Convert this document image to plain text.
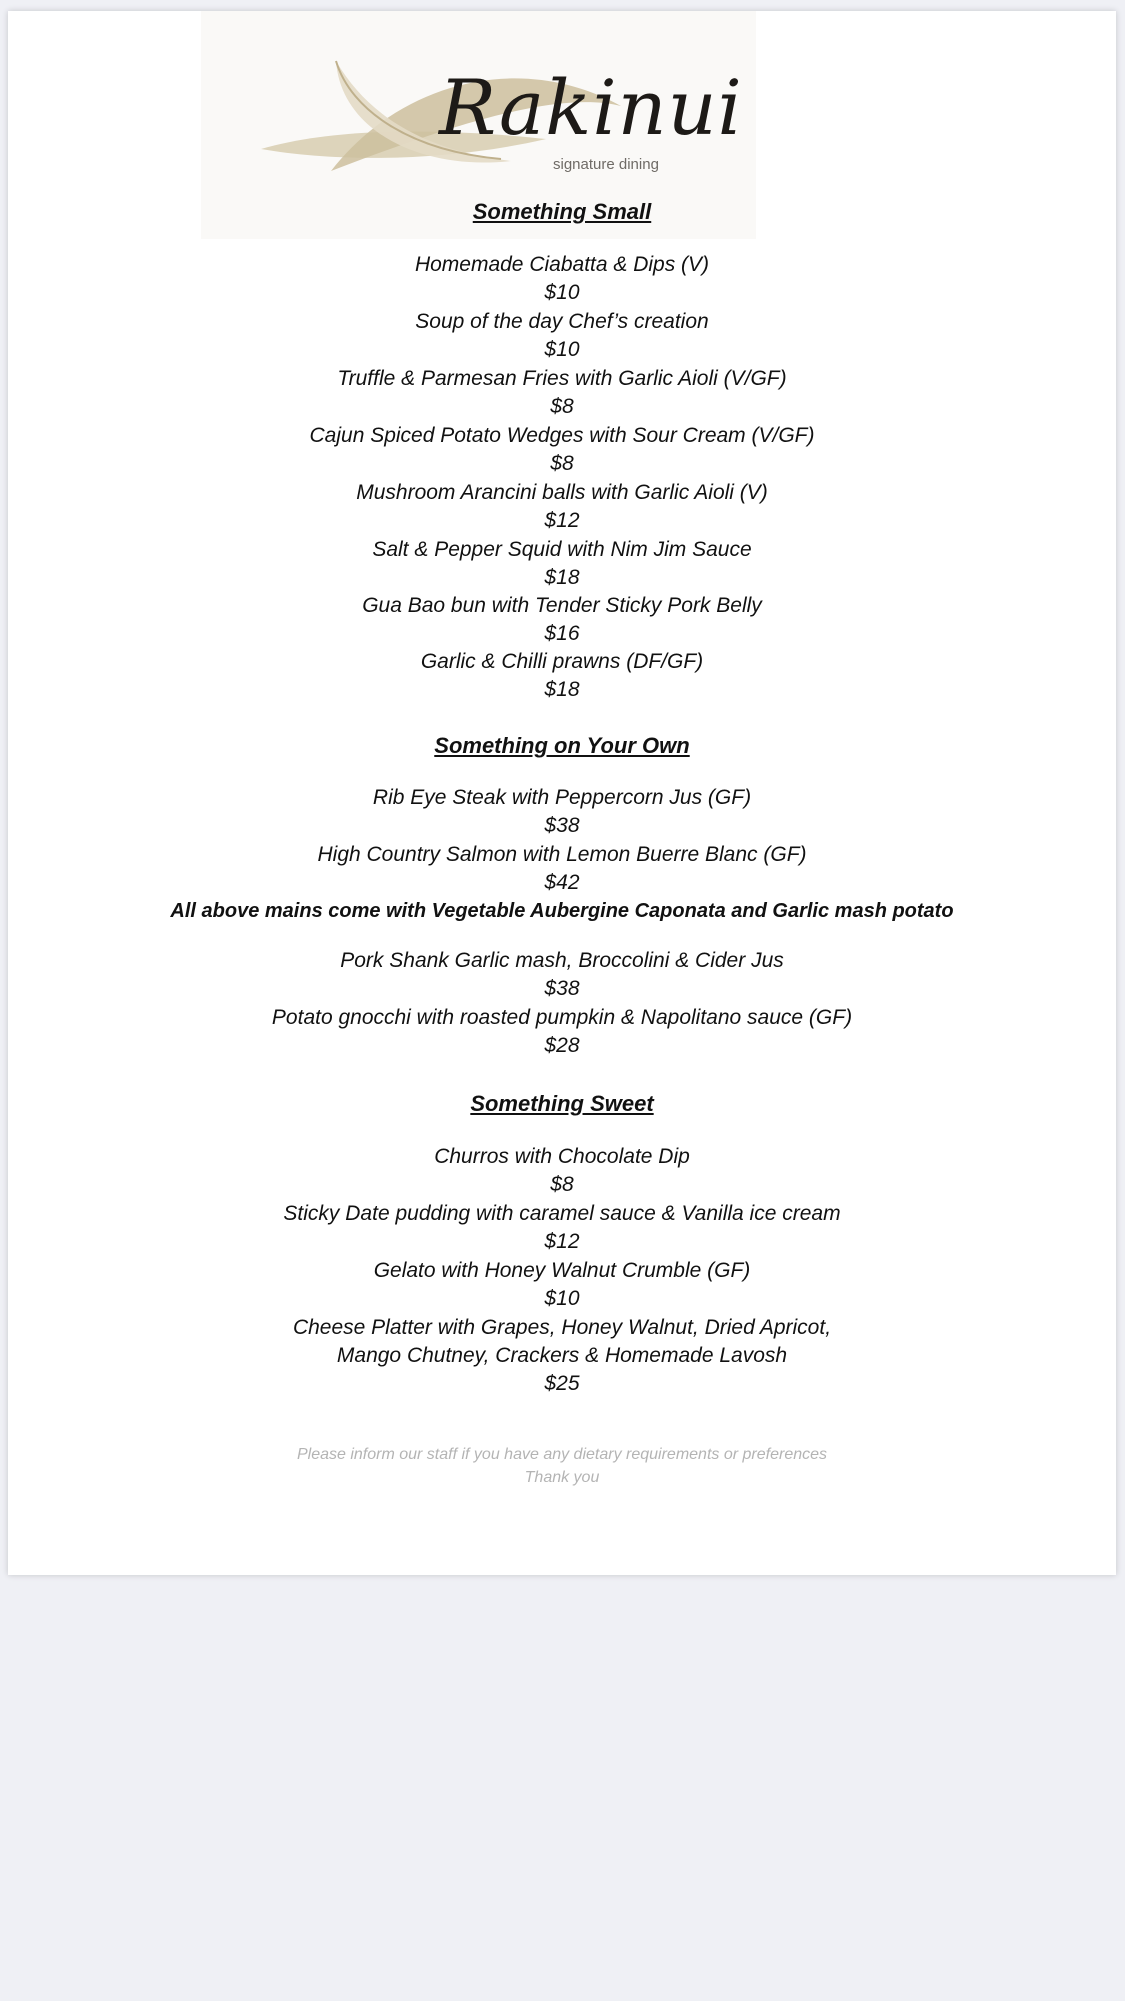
Rakinui
signature dining
Something Small
Homemade Ciabatta & Dips (V)
$10
Soup of the day Chef’s creation
$10
Truffle & Parmesan Fries with Garlic Aioli (V/GF)
$8
Cajun Spiced Potato Wedges with Sour Cream (V/GF)
$8
Mushroom Arancini balls with Garlic Aioli (V)
$12
Salt & Pepper Squid with Nim Jim Sauce
$18
Gua Bao bun with Tender Sticky Pork Belly
$16
Garlic & Chilli prawns (DF/GF)
$18
Something on Your Own
Rib Eye Steak with Peppercorn Jus (GF)
$38
High Country Salmon with Lemon Buerre Blanc (GF)
$42
All above mains come with Vegetable Aubergine Caponata and Garlic mash potato
Pork Shank Garlic mash, Broccolini & Cider Jus
$38
Potato gnocchi with roasted pumpkin & Napolitano sauce (GF)
$28
Something Sweet
Churros with Chocolate Dip
$8
Sticky Date pudding with caramel sauce & Vanilla ice cream
$12
Gelato with Honey Walnut Crumble (GF)
$10
Cheese Platter with Grapes, Honey Walnut, Dried Apricot,
Mango Chutney, Crackers & Homemade Lavosh
$25
Please inform our staff if you have any dietary requirements or preferences
Thank you
